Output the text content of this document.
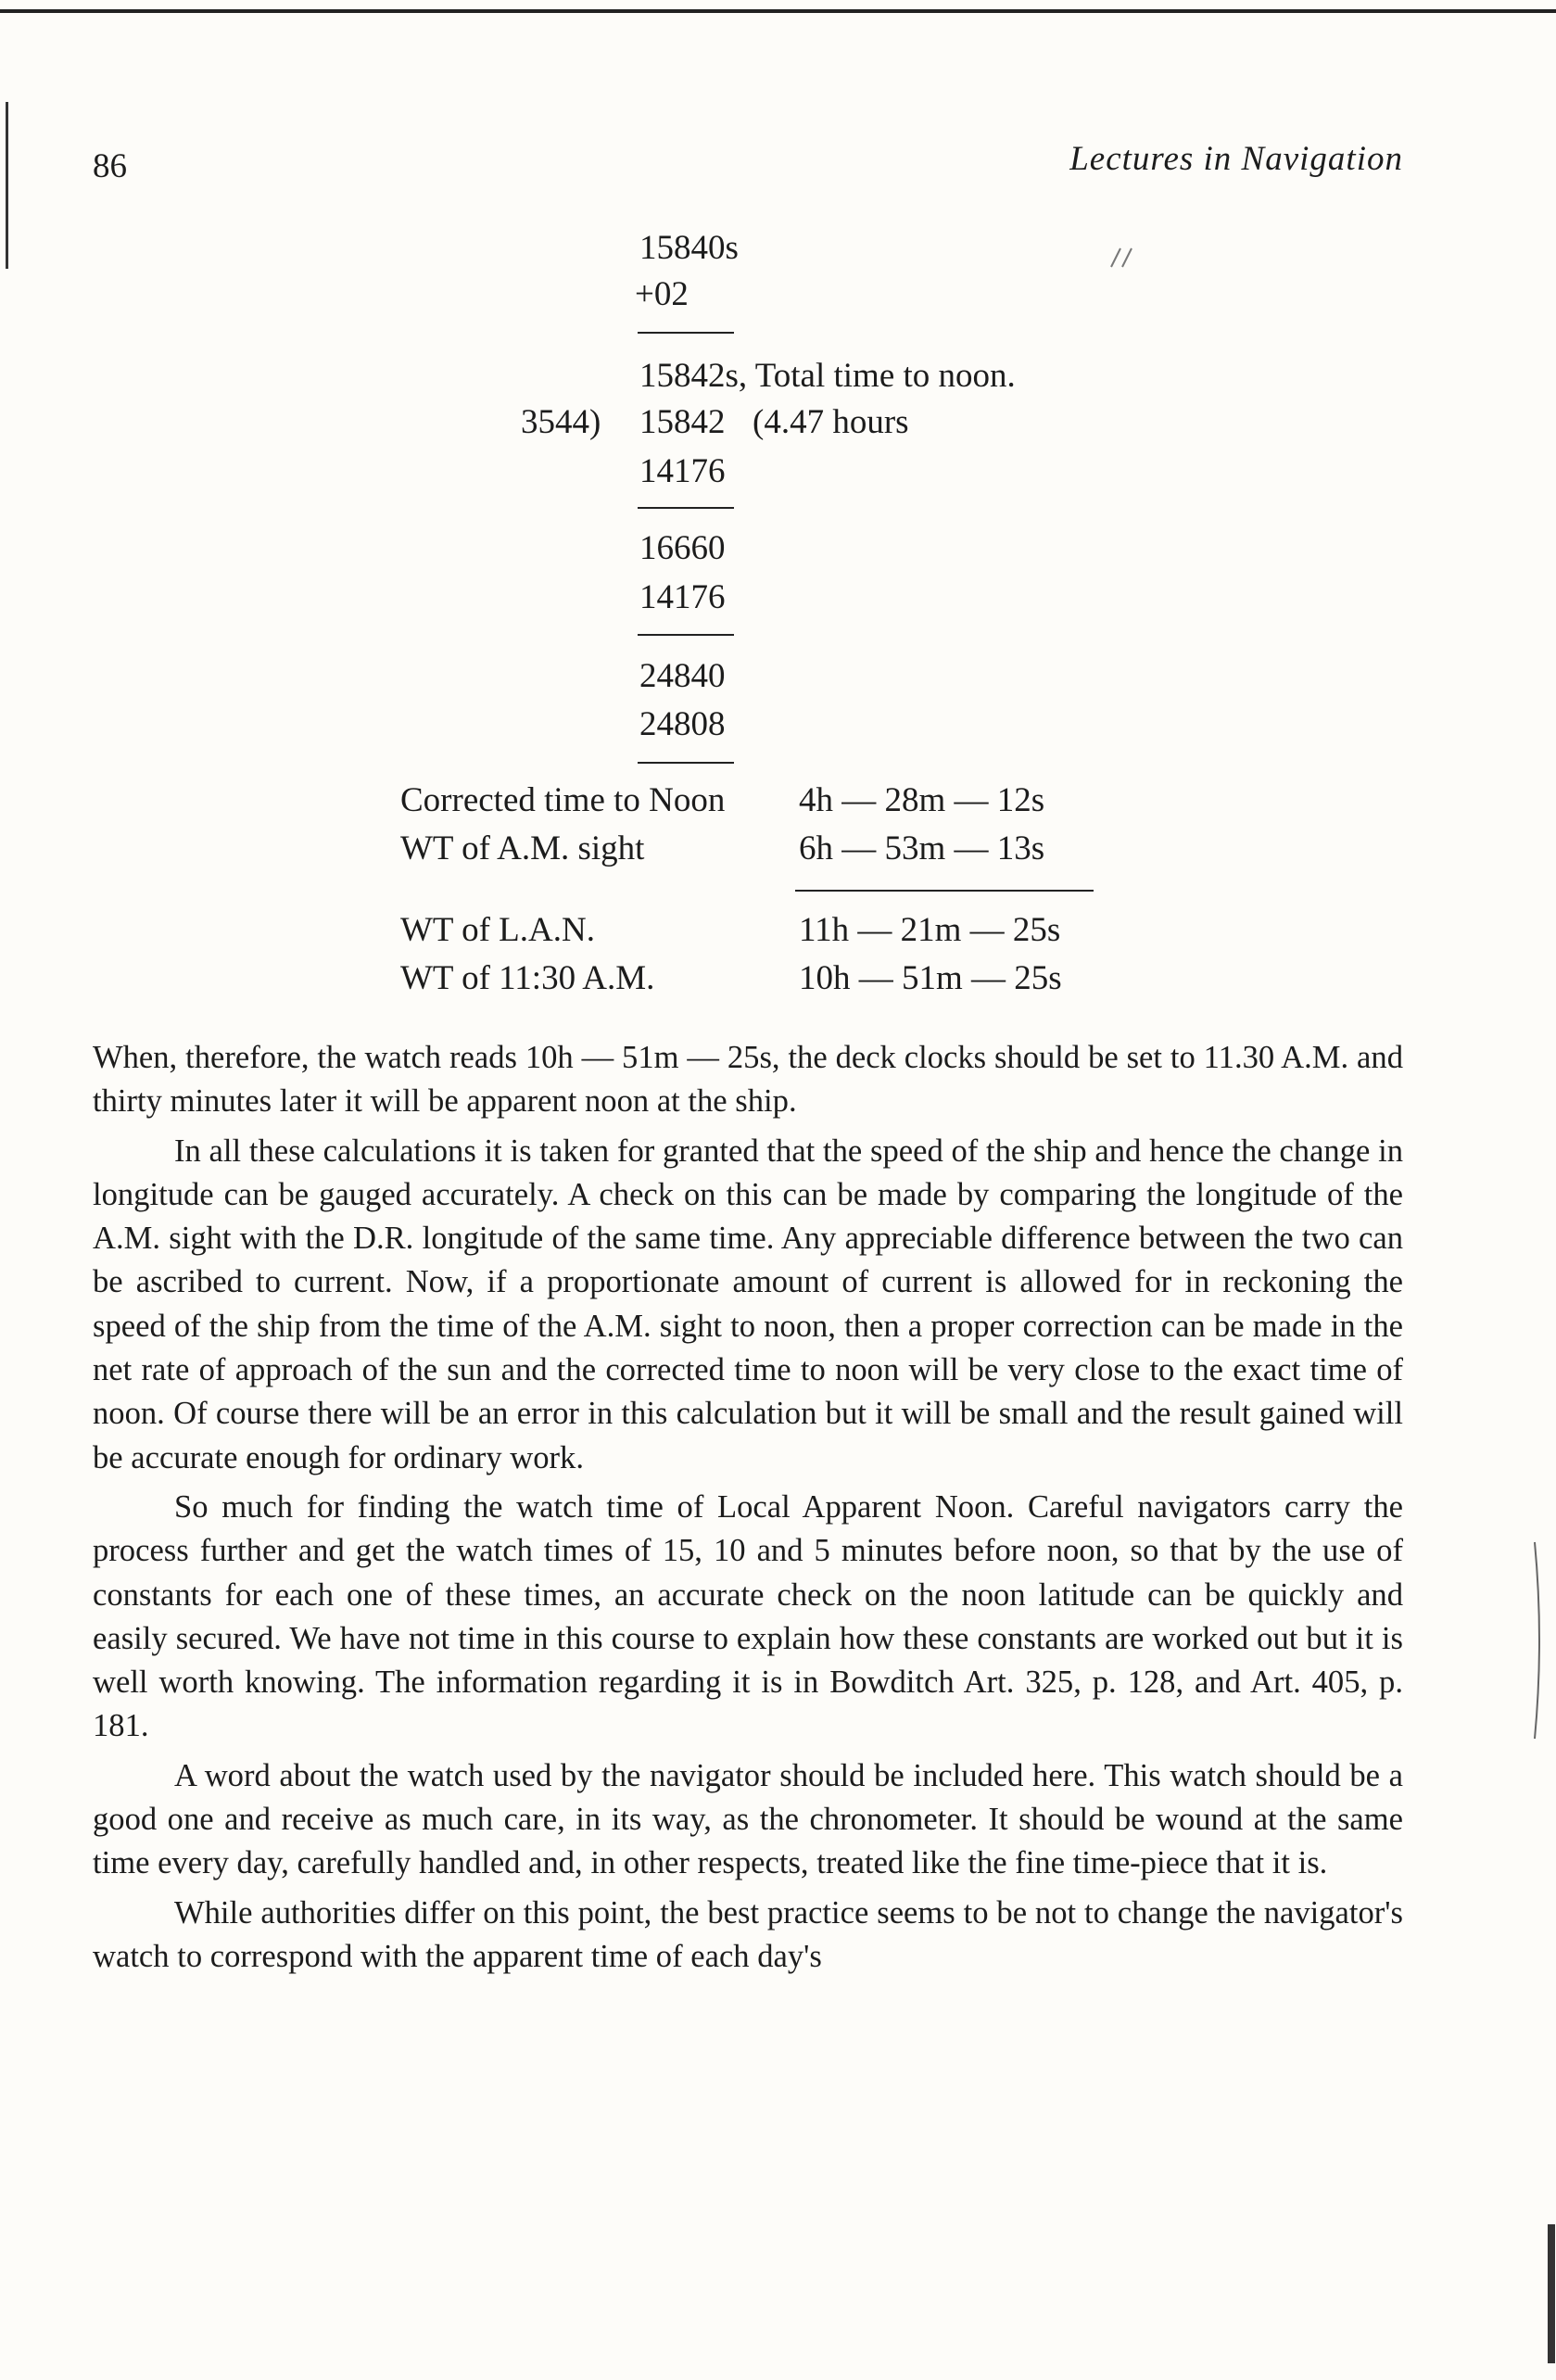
86	Lectures in Navigation
15840s
+02
15842s, Total time to noon.
3544) 15842 (4.47 hours
14176
16660
14176
24840
24808
Corrected time to Noon 4h — 28m — 12s
WT of A.M. sight	6h — 53m — 13s
WT of L.A.N.	11h — 21m — 25s
WT of 11:30 A.M.	10h — 51m — 25s

When, therefore, the watch reads 10h — 51m — 25s, the deck clocks should be set to 11.30 A.M. and thirty minutes later it will be apparent noon at the ship.

In all these calculations it is taken for granted that the speed of the ship and hence the change in longitude can be gauged accurately. A check on this can be made by comparing the longitude of the A.M. sight with the D.R. longitude of the same time. Any appreciable difference between the two can be ascribed to current. Now, if a proportionate amount of current is allowed for in reckoning the speed of the ship from the time of the A.M. sight to noon, then a proper correction can be made in the net rate of approach of the sun and the corrected time to noon will be very close to the exact time of noon. Of course there will be an error in this calculation but it will be small and the result gained will be accurate enough for ordinary work.

So much for finding the watch time of Local Apparent Noon. Careful navigators carry the process further and get the watch times of 15, 10 and 5 minutes before noon, so that by the use of constants for each one of these times, an accurate check on the noon latitude can be quickly and easily secured. We have not time in this course to explain how these constants are worked out but it is well worth knowing. The information regarding it is in Bowditch Art. 325, p. 128, and Art. 405, p. 181.

A word about the watch used by the navigator should be included here. This watch should be a good one and receive as much care, in its way, as the chronometer. It should be wound at the same time every day, carefully handled and, in other respects, treated like the fine time-piece that it is.

While authorities differ on this point, the best practice seems to be not to change the navigator's watch to correspond with the apparent time of each day's
